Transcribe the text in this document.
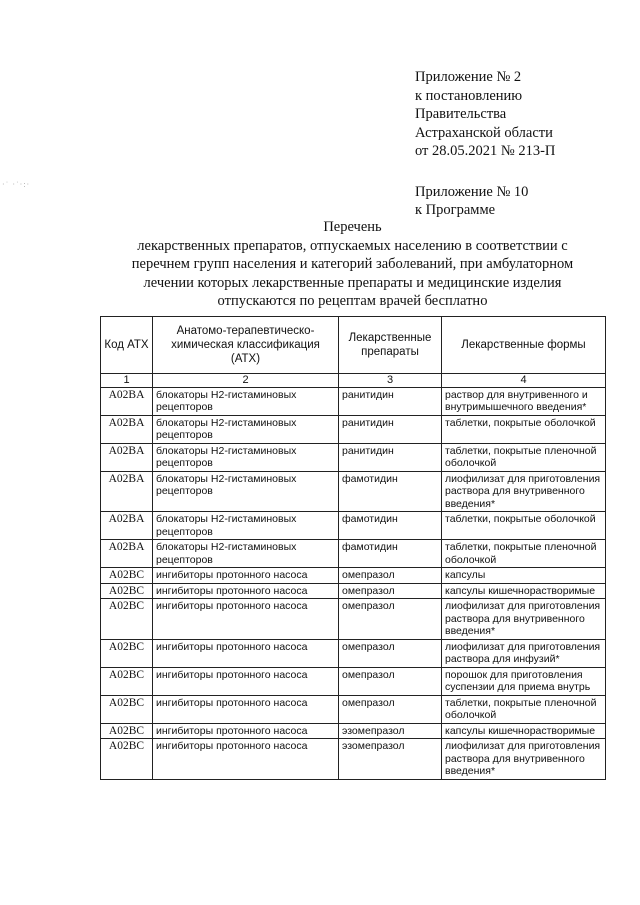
·˙ ·˙·:·
Приложение № 2
к постановлению
Правительства
Астраханской области
от 28.05.2021 № 213-П
Приложение № 10
к Программе
Перечень
лекарственных препаратов, отпускаемых населению в соответствии с
перечнем групп населения и категорий заболеваний, при амбулаторном
лечении которых лекарственные препараты и медицинские изделия
отпускаются по рецептам врачей бесплатно
Код АТХ	Анатомо-терапевтическо-химическая классификация (АТХ)	Лекарственные препараты	Лекарственные формы
1	2	3	4
A02BA	блокаторы H2-гистаминовых рецепторов	ранитидин	раствор для внутривенного и внутримышечного введения*
A02BA	блокаторы H2-гистаминовых рецепторов	ранитидин	таблетки, покрытые оболочкой
A02BA	блокаторы H2-гистаминовых рецепторов	ранитидин	таблетки, покрытые пленочной оболочкой
A02BA	блокаторы H2-гистаминовых рецепторов	фамотидин	лиофилизат для приготовления раствора для внутривенного введения*
A02BA	блокаторы H2-гистаминовых рецепторов	фамотидин	таблетки, покрытые оболочкой
A02BA	блокаторы H2-гистаминовых рецепторов	фамотидин	таблетки, покрытые пленочной оболочкой
A02BC	ингибиторы протонного насоса	омепразол	капсулы
A02BC	ингибиторы протонного насоса	омепразол	капсулы кишечнорастворимые
A02BC	ингибиторы протонного насоса	омепразол	лиофилизат для приготовления раствора для внутривенного введения*
A02BC	ингибиторы протонного насоса	омепразол	лиофилизат для приготовления раствора для инфузий*
A02BC	ингибиторы протонного насоса	омепразол	порошок для приготовления суспензии для приема внутрь
A02BC	ингибиторы протонного насоса	омепразол	таблетки, покрытые пленочной оболочкой
A02BC	ингибиторы протонного насоса	эзомепразол	капсулы кишечнорастворимые
A02BC	ингибиторы протонного насоса	эзомепразол	лиофилизат для приготовления раствора для внутривенного введения*
